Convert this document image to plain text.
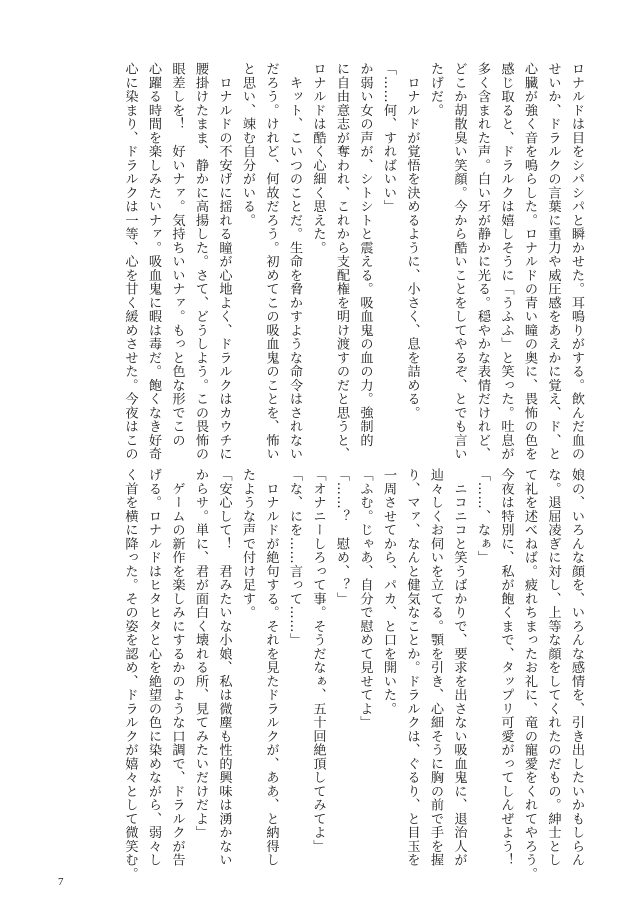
ロナルドは目をシパシパと瞬かせた。耳鳴りがする。飲んだ血の
せいか、ドラルクの言葉に重力や威圧感をあえかに覚え、ド、と
心臓が強く音を鳴らした。ロナルドの青い瞳の奥に、畏怖の色を
感じ取ると、ドラルクは嬉しそうに「うふふ」と笑った。吐息が
多く含まれた声。白い牙が静かに光る。穏やかな表情だけれど、
どこか胡散臭い笑顔。今から酷いことをしてやるぞ、とでも言い
たげだ。
　ロナルドが覚悟を決めるように、小さく、息を詰める。
「……何、すればいい」
か弱い女の声が、シトシトと震える。吸血鬼の血の力。強制的
に自由意志が奪われ、これから支配権を明け渡すのだと思うと、
ロナルドは酷く心細く思えた。
　キット、こいつのことだ。生命を脅かすような命令はされない
だろう。けれど、何故だろう。初めてこの吸血鬼のことを、怖い
と思い、竦む自分がいる。
　ロナルドの不安げに揺れる瞳が心地よく、ドラルクはカウチに
腰掛けたまま、静かに高揚した。さて、どうしよう。この畏怖の
眼差しを！　好いナァ。気持ちいいナァ。もっと色な形でこの
心躍る時間を楽しみたいナァ。吸血鬼に暇は毒だ。飽くなき好奇
心に染まり、ドラルクは一等、心を甘く緩めさせた。今夜はこの
娘の、いろんな顔を、いろんな感情を、引き出したいかもしらん
な。退屈凌ぎに対し、上等な顔をしてくれたのだもの。紳士とし
て礼を述べねば。疲れちまったお礼に、竜の寵愛をくれてやろう。
今夜は特別に、私が飽くまで、タップリ可愛がってしんぜよう！
「……、なぁ」
　ニコニコと笑うばかりで、要求を出さない吸血鬼に、退治人が
辿々しくお伺いを立てる。顎を引き、心細そうに胸の前で手を握
り、マァ、なんと健気なことか。ドラルクは、ぐるり、と目玉を
一周させてから、パカ、と口を開いた。
「ふむ。じゃあ、自分で慰めて見せてよ」
「……？　慰め、？」
「オナニーしろって事。そうだなぁ、五十回絶頂してみてよ」
「な、にを……言って……」
　ロナルドが絶句する。それを見たドラルクが、ああ、と納得し
たような声で付け足す。
「安心して！　君みたいな小娘、私は微塵も性的興味は湧かない
からサ。単に、君が面白く壊れる所、見てみたいだけだよ」
　ゲームの新作を楽しみにするかのような口調で、ドラルクが告
げる。ロナルドはヒタヒタと心を絶望の色に染めながら、弱々し
く首を横に降った。その姿を認め、ドラルクが嬉々として微笑む。
7
